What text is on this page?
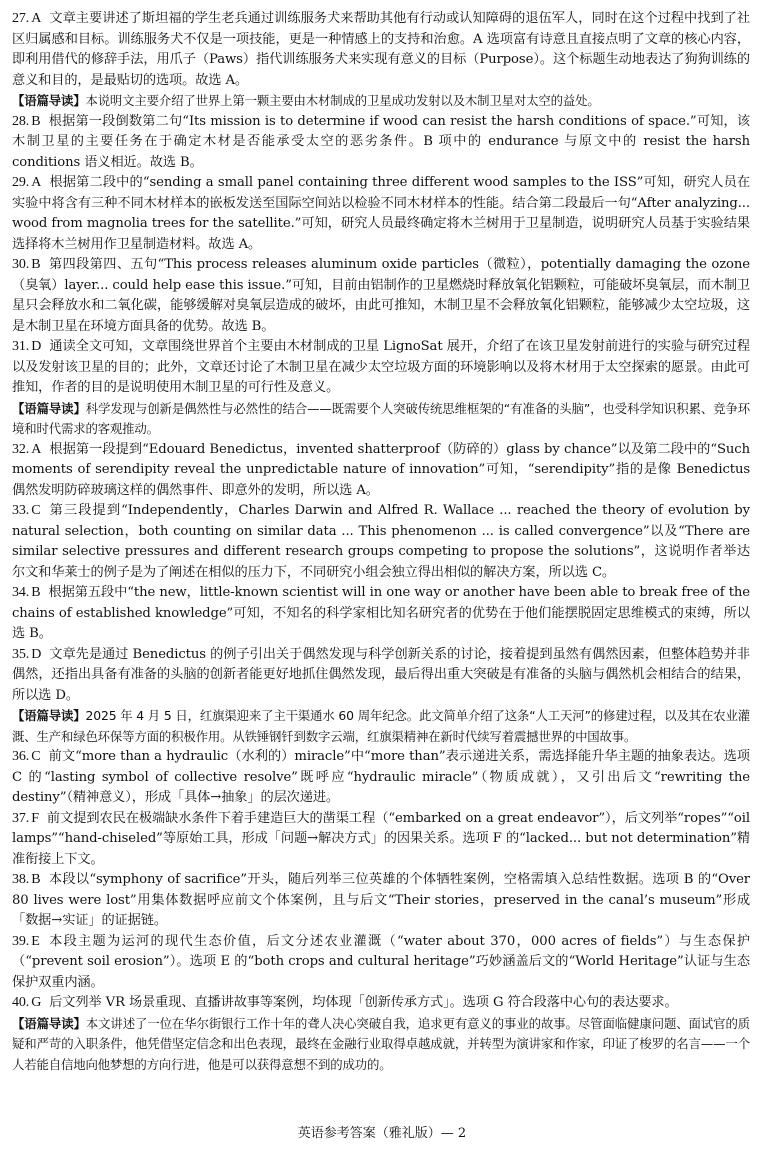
27. A 文章主要讲述了斯坦福的学生老兵通过训练服务犬来帮助其他有行动或认知障碍的退伍军人，同时在这个过程中找到了社区归属感和目标。训练服务犬不仅是一项技能，更是一种情感上的支持和治愈。A 选项富有诗意且直接点明了文章的核心内容，即利用借代的修辞手法，用爪子（Paws）指代训练服务犬来实现有意义的目标（Purpose）。这个标题生动地表达了狗狗训练的意义和目的，是最贴切的选项。故选 A。

【语篇导读】本说明文主要介绍了世界上第一颗主要由木材制成的卫星成功发射以及木制卫星对太空的益处。

28. B 根据第一段倒数第二句“Its mission is to determine if wood can resist the harsh conditions of space.”可知，该木制卫星的主要任务在于确定木材是否能承受太空的恶劣条件。B 项中的 endurance 与原文中的 resist the harsh conditions 语义相近。故选 B。

29. A 根据第二段中的“sending a small panel containing three different wood samples to the ISS”可知，研究人员在实验中将含有三种不同木材样本的嵌板发送至国际空间站以检验不同木材样本的性能。结合第二段最后一句“After analyzing... wood from magnolia trees for the satellite.”可知，研究人员最终确定将木兰树用于卫星制造，说明研究人员基于实验结果选择将木兰树用作卫星制造材料。故选 A。

30. B 第四段第四、五句“This process releases aluminum oxide particles（微粒），potentially damaging the ozone（臭氧）layer... could help ease this issue.”可知，目前由铝制作的卫星燃烧时释放氧化铝颗粒，可能破坏臭氧层，而木制卫星只会释放水和二氧化碳，能够缓解对臭氧层造成的破坏，由此可推知，木制卫星不会释放氧化铝颗粒，能够减少太空垃圾，这是木制卫星在环境方面具备的优势。故选 B。

31. D 通读全文可知，文章围绕世界首个主要由木材制成的卫星 LignoSat 展开，介绍了在该卫星发射前进行的实验与研究过程以及发射该卫星的目的；此外，文章还讨论了木制卫星在减少太空垃圾方面的环境影响以及将木材用于太空探索的愿景。由此可推知，作者的目的是说明使用木制卫星的可行性及意义。

【语篇导读】科学发现与创新是偶然性与必然性的结合——既需要个人突破传统思维框架的“有准备的头脑”，也受科学知识积累、竞争环境和时代需求的客观推动。

32. A 根据第一段提到“Edouard Benedictus，invented shatterproof（防碎的）glass by chance”以及第二段中的“Such moments of serendipity reveal the unpredictable nature of innovation”可知，“serendipity”指的是像 Benedictus 偶然发明防碎玻璃这样的偶然事件、即意外的发明，所以选 A。

33. C 第三段提到“Independently，Charles Darwin and Alfred R. Wallace ... reached the theory of evolution by natural selection，both counting on similar data ... This phenomenon ... is called convergence”以及“There are similar selective pressures and different research groups competing to propose the solutions”，这说明作者举达尔文和华莱士的例子是为了阐述在相似的压力下，不同研究小组会独立得出相似的解决方案，所以选 C。

34. B 根据第五段中“the new，little-known scientist will in one way or another have been able to break free of the chains of established knowledge”可知，不知名的科学家相比知名研究者的优势在于他们能摆脱固定思维模式的束缚，所以选 B。

35. D 文章先是通过 Benedictus 的例子引出关于偶然发现与科学创新关系的讨论，接着提到虽然有偶然因素，但整体趋势并非偶然，还指出具备有准备的头脑的创新者能更好地抓住偶然发现，最后得出重大突破是有准备的头脑与偶然机会相结合的结果，所以选 D。

【语篇导读】2025 年 4 月 5 日，红旗渠迎来了主干渠通水 60 周年纪念。此文简单介绍了这条“人工天河”的修建过程，以及其在农业灌溉、生产和绿色环保等方面的积极作用。从铁锤钢钎到数字云端，红旗渠精神在新时代续写着震撼世界的中国故事。

36. C 前文“more than a hydraulic（水利的）miracle”中“more than”表示递进关系，需选择能升华主题的抽象表达。选项 C 的“lasting symbol of collective resolve”既呼应“hydraulic miracle”（物质成就），又引出后文“rewriting the destiny”（精神意义），形成「具体→抽象」的层次递进。

37. F 前文提到农民在极端缺水条件下着手建造巨大的凿渠工程（“embarked on a great endeavor”），后文列举“ropes”“oil lamps”“hand-chiseled”等原始工具，形成「问题→解决方式」的因果关系。选项 F 的“lacked... but not determination”精准衔接上下文。

38. B 本段以“symphony of sacrifice”开头，随后列举三位英雄的个体牺牲案例，空格需填入总结性数据。选项 B 的“Over 80 lives were lost”用集体数据呼应前文个体案例，且与后文“Their stories，preserved in the canal’s museum”形成「数据→实证」的证据链。

39. E 本段主题为运河的现代生态价值，后文分述农业灌溉（“water about 370，000 acres of fields”）与生态保护（“prevent soil erosion”）。选项 E 的“both crops and cultural heritage”巧妙涵盖后文的“World Heritage”认证与生态保护双重内涵。

40. G 后文列举 VR 场景重现、直播讲故事等案例，均体现「创新传承方式」。选项 G 符合段落中心句的表达要求。

【语篇导读】本文讲述了一位在华尔街银行工作十年的聋人决心突破自我，追求更有意义的事业的故事。尽管面临健康问题、面试官的质疑和严苛的入职条件，他凭借坚定信念和出色表现，最终在金融行业取得卓越成就，并转型为演讲家和作家，印证了梭罗的名言——一个人若能自信地向他梦想的方向行进，他是可以获得意想不到的成功的。

英语参考答案（雅礼版）— 2
